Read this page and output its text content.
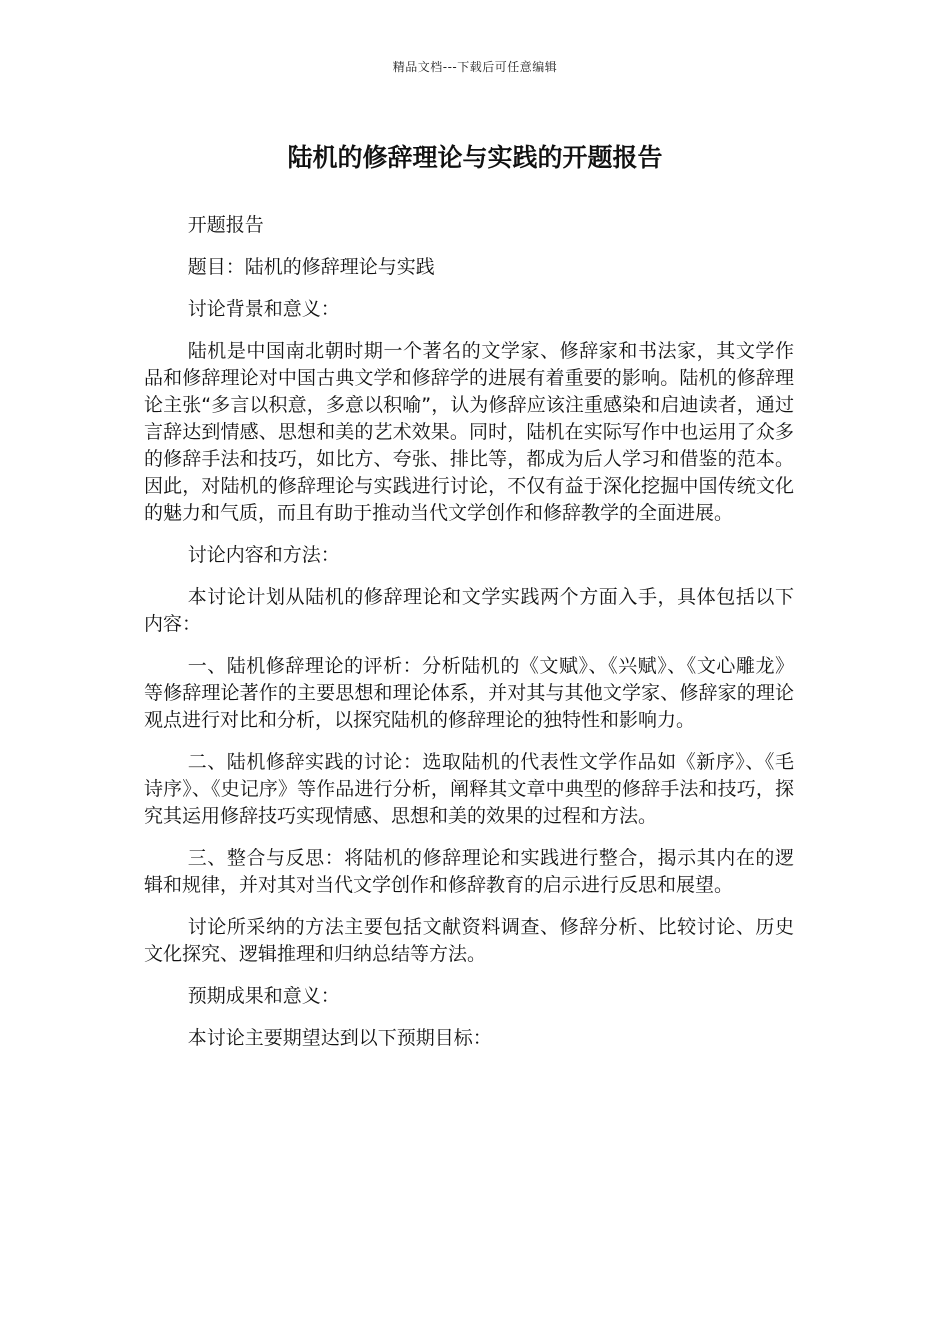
精品文档---下载后可任意编辑
陆机的修辞理论与实践的开题报告

开题报告

题目：陆机的修辞理论与实践

讨论背景和意义：

陆机是中国南北朝时期一个著名的文学家、修辞家和书法家，其文学作品和修辞理论对中国古典文学和修辞学的进展有着重要的影响。陆机的修辞理论主张“多言以积意，多意以积喻”，认为修辞应该注重感染和启迪读者，通过言辞达到情感、思想和美的艺术效果。同时，陆机在实际写作中也运用了众多的修辞手法和技巧，如比方、夸张、排比等，都成为后人学习和借鉴的范本。因此，对陆机的修辞理论与实践进行讨论，不仅有益于深化挖掘中国传统文化的魅力和气质，而且有助于推动当代文学创作和修辞教学的全面进展。

讨论内容和方法：

本讨论计划从陆机的修辞理论和文学实践两个方面入手，具体包括以下内容：

一、陆机修辞理论的评析：分析陆机的《文赋》、《兴赋》、《文心雕龙》等修辞理论著作的主要思想和理论体系，并对其与其他文学家、修辞家的理论观点进行对比和分析，以探究陆机的修辞理论的独特性和影响力。

二、陆机修辞实践的讨论：选取陆机的代表性文学作品如《新序》、《毛诗序》、《史记序》等作品进行分析，阐释其文章中典型的修辞手法和技巧，探究其运用修辞技巧实现情感、思想和美的效果的过程和方法。

三、整合与反思：将陆机的修辞理论和实践进行整合，揭示其内在的逻辑和规律，并对其对当代文学创作和修辞教育的启示进行反思和展望。

讨论所采纳的方法主要包括文献资料调查、修辞分析、比较讨论、历史文化探究、逻辑推理和归纳总结等方法。

预期成果和意义：

本讨论主要期望达到以下预期目标：
